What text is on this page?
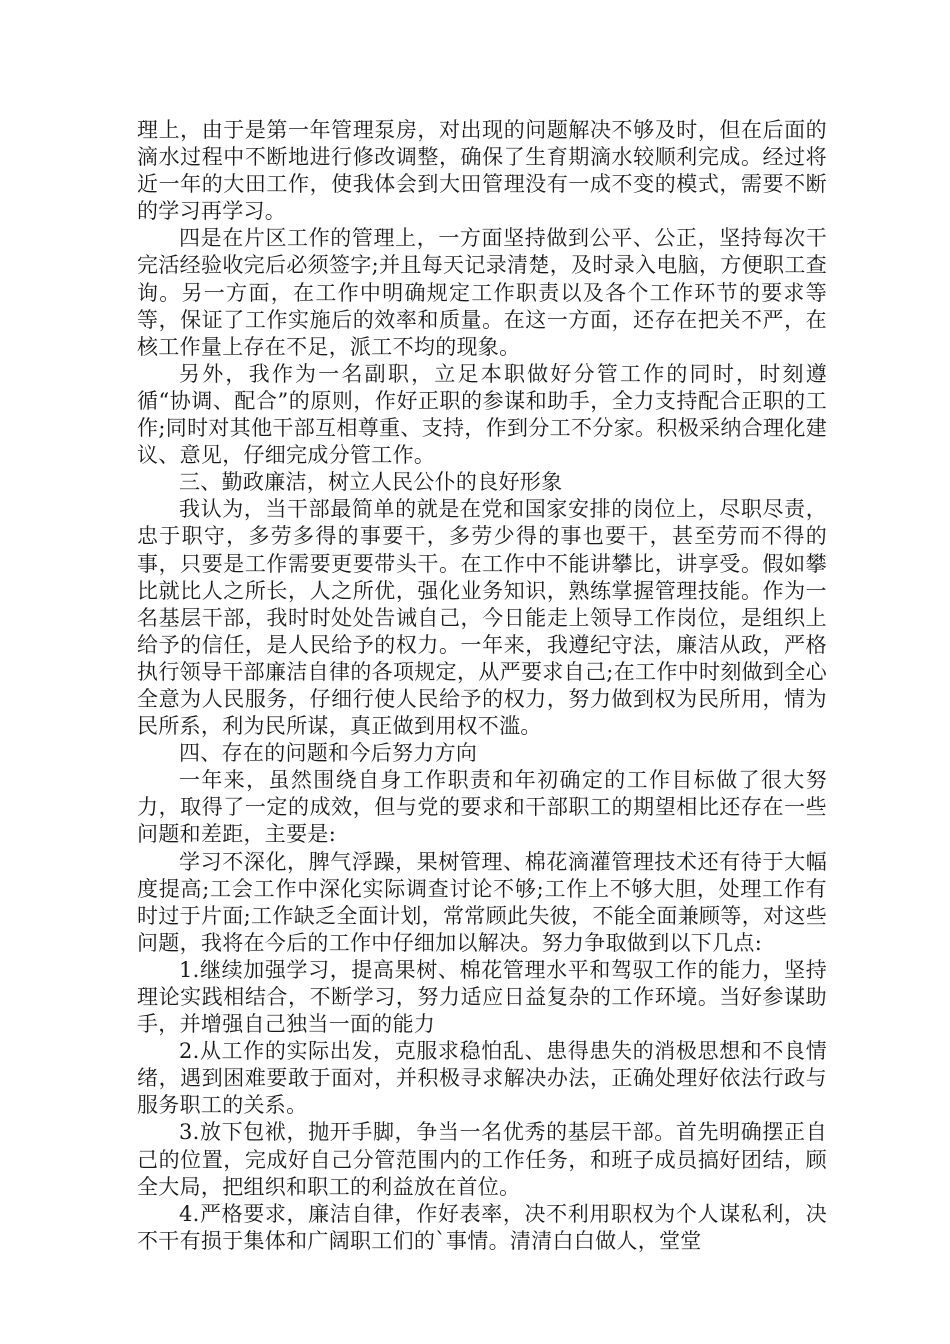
理上，由于是第一年管理泵房，对出现的问题解决不够及时，但在后面的滴水过程中不断地进行修改调整，确保了生育期滴水较顺利完成。经过将近一年的大田工作，使我体会到大田管理没有一成不变的模式，需要不断的学习再学习。

四是在片区工作的管理上，一方面坚持做到公平、公正，坚持每次干完活经验收完后必须签字;并且每天记录清楚，及时录入电脑，方便职工查询。另一方面，在工作中明确规定工作职责以及各个工作环节的要求等等，保证了工作实施后的效率和质量。在这一方面，还存在把关不严，在核工作量上存在不足，派工不均的现象。

另外，我作为一名副职，立足本职做好分管工作的同时，时刻遵循“协调、配合”的原则，作好正职的参谋和助手，全力支持配合正职的工作;同时对其他干部互相尊重、支持，作到分工不分家。积极采纳合理化建议、意见，仔细完成分管工作。

三、勤政廉洁，树立人民公仆的良好形象

我认为，当干部最简单的就是在党和国家安排的岗位上，尽职尽责，忠于职守，多劳多得的事要干，多劳少得的事也要干，甚至劳而不得的事，只要是工作需要更要带头干。在工作中不能讲攀比，讲享受。假如攀比就比人之所长，人之所优，强化业务知识，熟练掌握管理技能。作为一名基层干部，我时时处处告诫自己，今日能走上领导工作岗位，是组织上给予的信任，是人民给予的权力。一年来，我遵纪守法，廉洁从政，严格执行领导干部廉洁自律的各项规定，从严要求自己;在工作中时刻做到全心全意为人民服务，仔细行使人民给予的权力，努力做到权为民所用，情为民所系，利为民所谋，真正做到用权不滥。

四、存在的问题和今后努力方向

一年来，虽然围绕自身工作职责和年初确定的工作目标做了很大努力，取得了一定的成效，但与党的要求和干部职工的期望相比还存在一些问题和差距，主要是:

学习不深化，脾气浮躁，果树管理、棉花滴灌管理技术还有待于大幅度提高;工会工作中深化实际调查讨论不够;工作上不够大胆，处理工作有时过于片面;工作缺乏全面计划，常常顾此失彼，不能全面兼顾等，对这些问题，我将在今后的工作中仔细加以解决。努力争取做到以下几点:

1.继续加强学习，提高果树、棉花管理水平和驾驭工作的能力，坚持理论实践相结合，不断学习，努力适应日益复杂的工作环境。当好参谋助手，并增强自己独当一面的能力

2.从工作的实际出发，克服求稳怕乱、患得患失的消极思想和不良情绪，遇到困难要敢于面对，并积极寻求解决办法，正确处理好依法行政与服务职工的关系。

3.放下包袱，抛开手脚，争当一名优秀的基层干部。首先明确摆正自己的位置，完成好自己分管范围内的工作任务，和班子成员搞好团结，顾全大局，把组织和职工的利益放在首位。

4.严格要求，廉洁自律，作好表率，决不利用职权为个人谋私利，决不干有损于集体和广阔职工们的`事情。清清白白做人，堂堂
